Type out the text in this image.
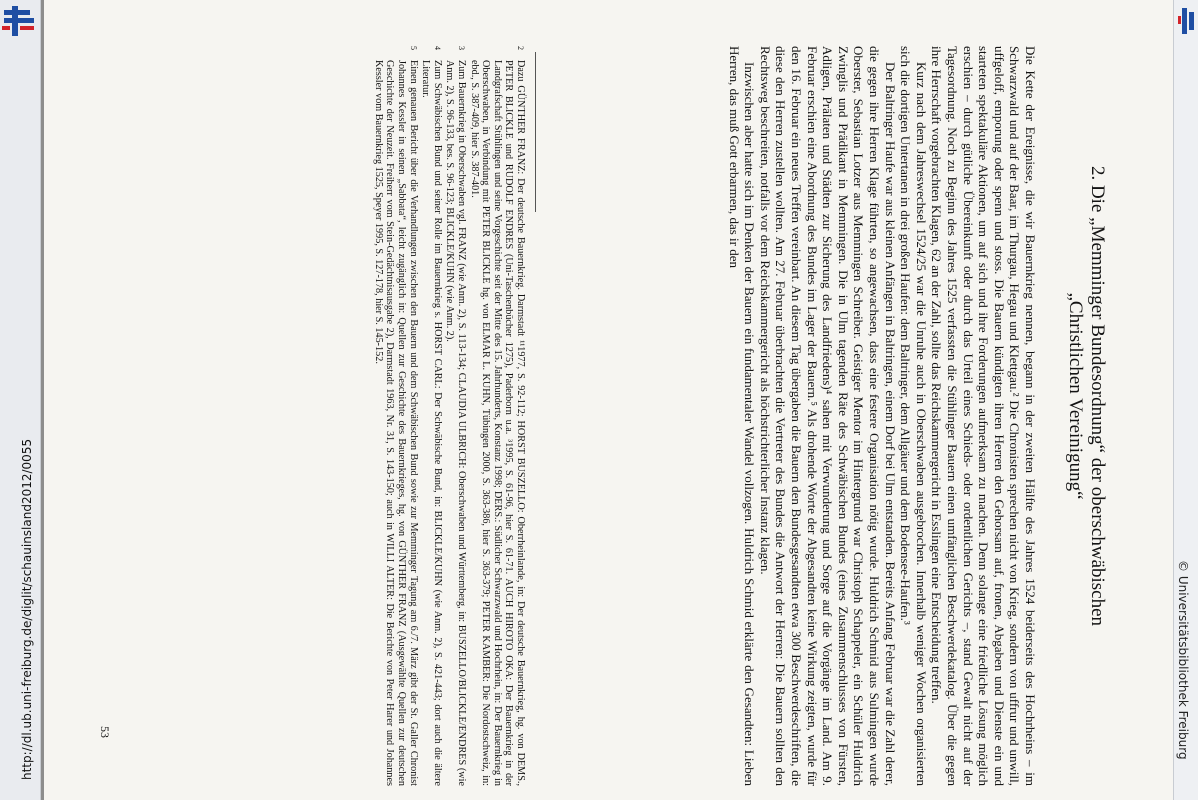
http://dl.ub.uni-freiburg.de/diglit/schauinsland2012/0055	2. Die „Memminger Bundesordnung“ der oberschwäbischen
„Christlichen Vereinigung“

Die Kette der Ereignisse, die wir Bauernkrieg nennen, begann in der zweiten Hälfte des Jahres 1524 beiderseits des Hochrheins – im Schwarzwald und auf der Baar, im Thurgau, Hegau und Klettgau.² Die Chronisten sprechen nicht von Krieg, sondern von uffrur und unwill, uffgeloff, emporung oder spenn und stoss. Die Bauern kündigten ihren Herren den Gehorsam auf, fronen, Abgaben und Dienste ein und starteten spektakuläre Aktionen, um auf sich und ihre Forderungen aufmerksam zu machen. Denn solange eine friedliche Lösung möglich erschien – durch gütliche Übereinkunft oder durch das Urteil eines Schieds- oder ordentlichen Gerichts –, stand Gewalt nicht auf der Tagesordnung. Noch zu Beginn des Jahres 1525 verfassten die Stühlinger Bauern einen umfänglichen Beschwerdekatalog. Über die gegen ihre Herrschaft vorgebrachten Klagen, 62 an der Zahl, sollte das Reichskammergericht in Esslingen eine Entscheidung treffen.

Kurz nach dem Jahreswechsel 1524/25 war die Unruhe auch in Oberschwaben ausgebrochen. Innerhalb weniger Wochen organisierten sich die dortigen Untertanen in drei großen Haufen: dem Baltringer, dem Allgäuer und dem Bodensee-Haufen.³

Der Baltringer Haufe war aus kleinen Anfängen in Baltringen, einem Dorf bei Ulm entstanden. Bereits Anfang Februar war die Zahl derer, die gegen ihre Herren Klage führten, so angewachsen, dass eine festere Organisation nötig wurde. Huldrich Schmid aus Sulmingen wurde Oberster, Sebastian Lotzer aus Memmingen Schreiber. Geistiger Mentor im Hintergrund war Christoph Schappeler, ein Schüler Huldrich Zwinglis und Prädikant in Memmingen. Die in Ulm tagenden Räte des Schwäbischen Bundes (eines Zusammenschlusses von Fürsten, Adligen, Prälaten und Städten zur Sicherung des Landfriedens)⁴ sahen mit Verwunderung und Sorge auf die Vorgänge im Land. Am 9. Februar erschien eine Abordnung des Bundes im Lager der Bauern.⁵ Als drohende Worte der Abgesandten keine Wirkung zeigten, wurde für den 16. Februar ein neues Treffen vereinbart. An diesem Tag übergaben die Bauern den Bundesgesandten etwa 300 Beschwerdeschriften, die diese den Herren zustellen wollten. Am 27. Februar überbrachten die Vertreter des Bundes die Antwort der Herren: Die Bauern sollten den Rechtsweg beschreiten, notfalls vor dem Reichskammergericht als höchstrichterlicher Instanz klagen.

Inzwischen aber hatte sich im Denken der Bauern ein fundamentaler Wandel vollzogen. Huldrich Schmid erklärte den Gesandten: Lieben Herren, das muß Gott erbarmen, das ir den

2Dazu GÜNTHER FRANZ: Der deutsche Bauernkrieg. Darmstadt ¹¹1977, S. 92-112; HORST BUSZELLO: Oberrheinlande, in: Der deutsche Bauernkrieg, hg. von DEMS., PETER BLICKLE und RUDOLF ENDRES (Uni-Taschenbücher 1275), Paderborn u.a. ³1995, S. 61-96, hier S. 61-71. AUCH HIROTO OKA: Der Bauernkrieg in der Landgrafschaft Stühlingen und seine Vorgeschichte seit der Mitte des 15. Jahrhunderts, Konstanz 1998; DERS.: Südlicher Schwarzwald und Hochrhein, in: Der Bauernkrieg in Oberschwaben, in Verbindung mit PETER BLICKLE hg. von ELMAR L. KUHN, Tübingen 2000, S. 363-386, hier S. 363-379; PETER KAMBER: Die Nordostschweiz, in: ebd., S. 387-409, hier S. 387-401.

3Zum Bauernkrieg in Oberschwaben vgl. FRANZ (wie Anm. 2), S. 113-134; CLAUDIA ULBRICH: Oberschwaben und Württemberg, in: BUSZELLO/BLICKLE/ENDRES (wie Anm. 2), S. 96-133, bes. S. 96-123; BLICKLE/KUHN (wie Anm. 2).

4Zum Schwäbischen Bund und seiner Rolle im Bauernkrieg s. HORST CARL: Der Schwäbische Bund, in: BLICKLE/KUHN (wie Anm. 2), S. 421-443; dort auch die ältere Literatur.

5Einen genauen Bericht über die Verhandlungen zwischen den Bauern und dem Schwäbischen Bund sowie zur Memminger Tagung am 6./7. März gibt der St. Galler Chronist Johannes Kessler in seinen „Sabbata“, leicht zugänglich in: Quellen zur Geschichte des Bauernkrieges, hg. von GÜNTHER FRANZ (Ausgewählte Quellen zur deutschen Geschichte der Neuzeit. Freiherr vom Stein-Gedächtnisausgabe 2), Darmstadt 1963, Nr. 31, S. 143-150; auch in WILLI ALTER: Die Berichte von Peter Harer und Johannes Kessler vom Bauernkrieg 1525, Speyer 1995, S. 127-178, hier S. 145-152.

53	© Universitätsbibliothek Freiburg
